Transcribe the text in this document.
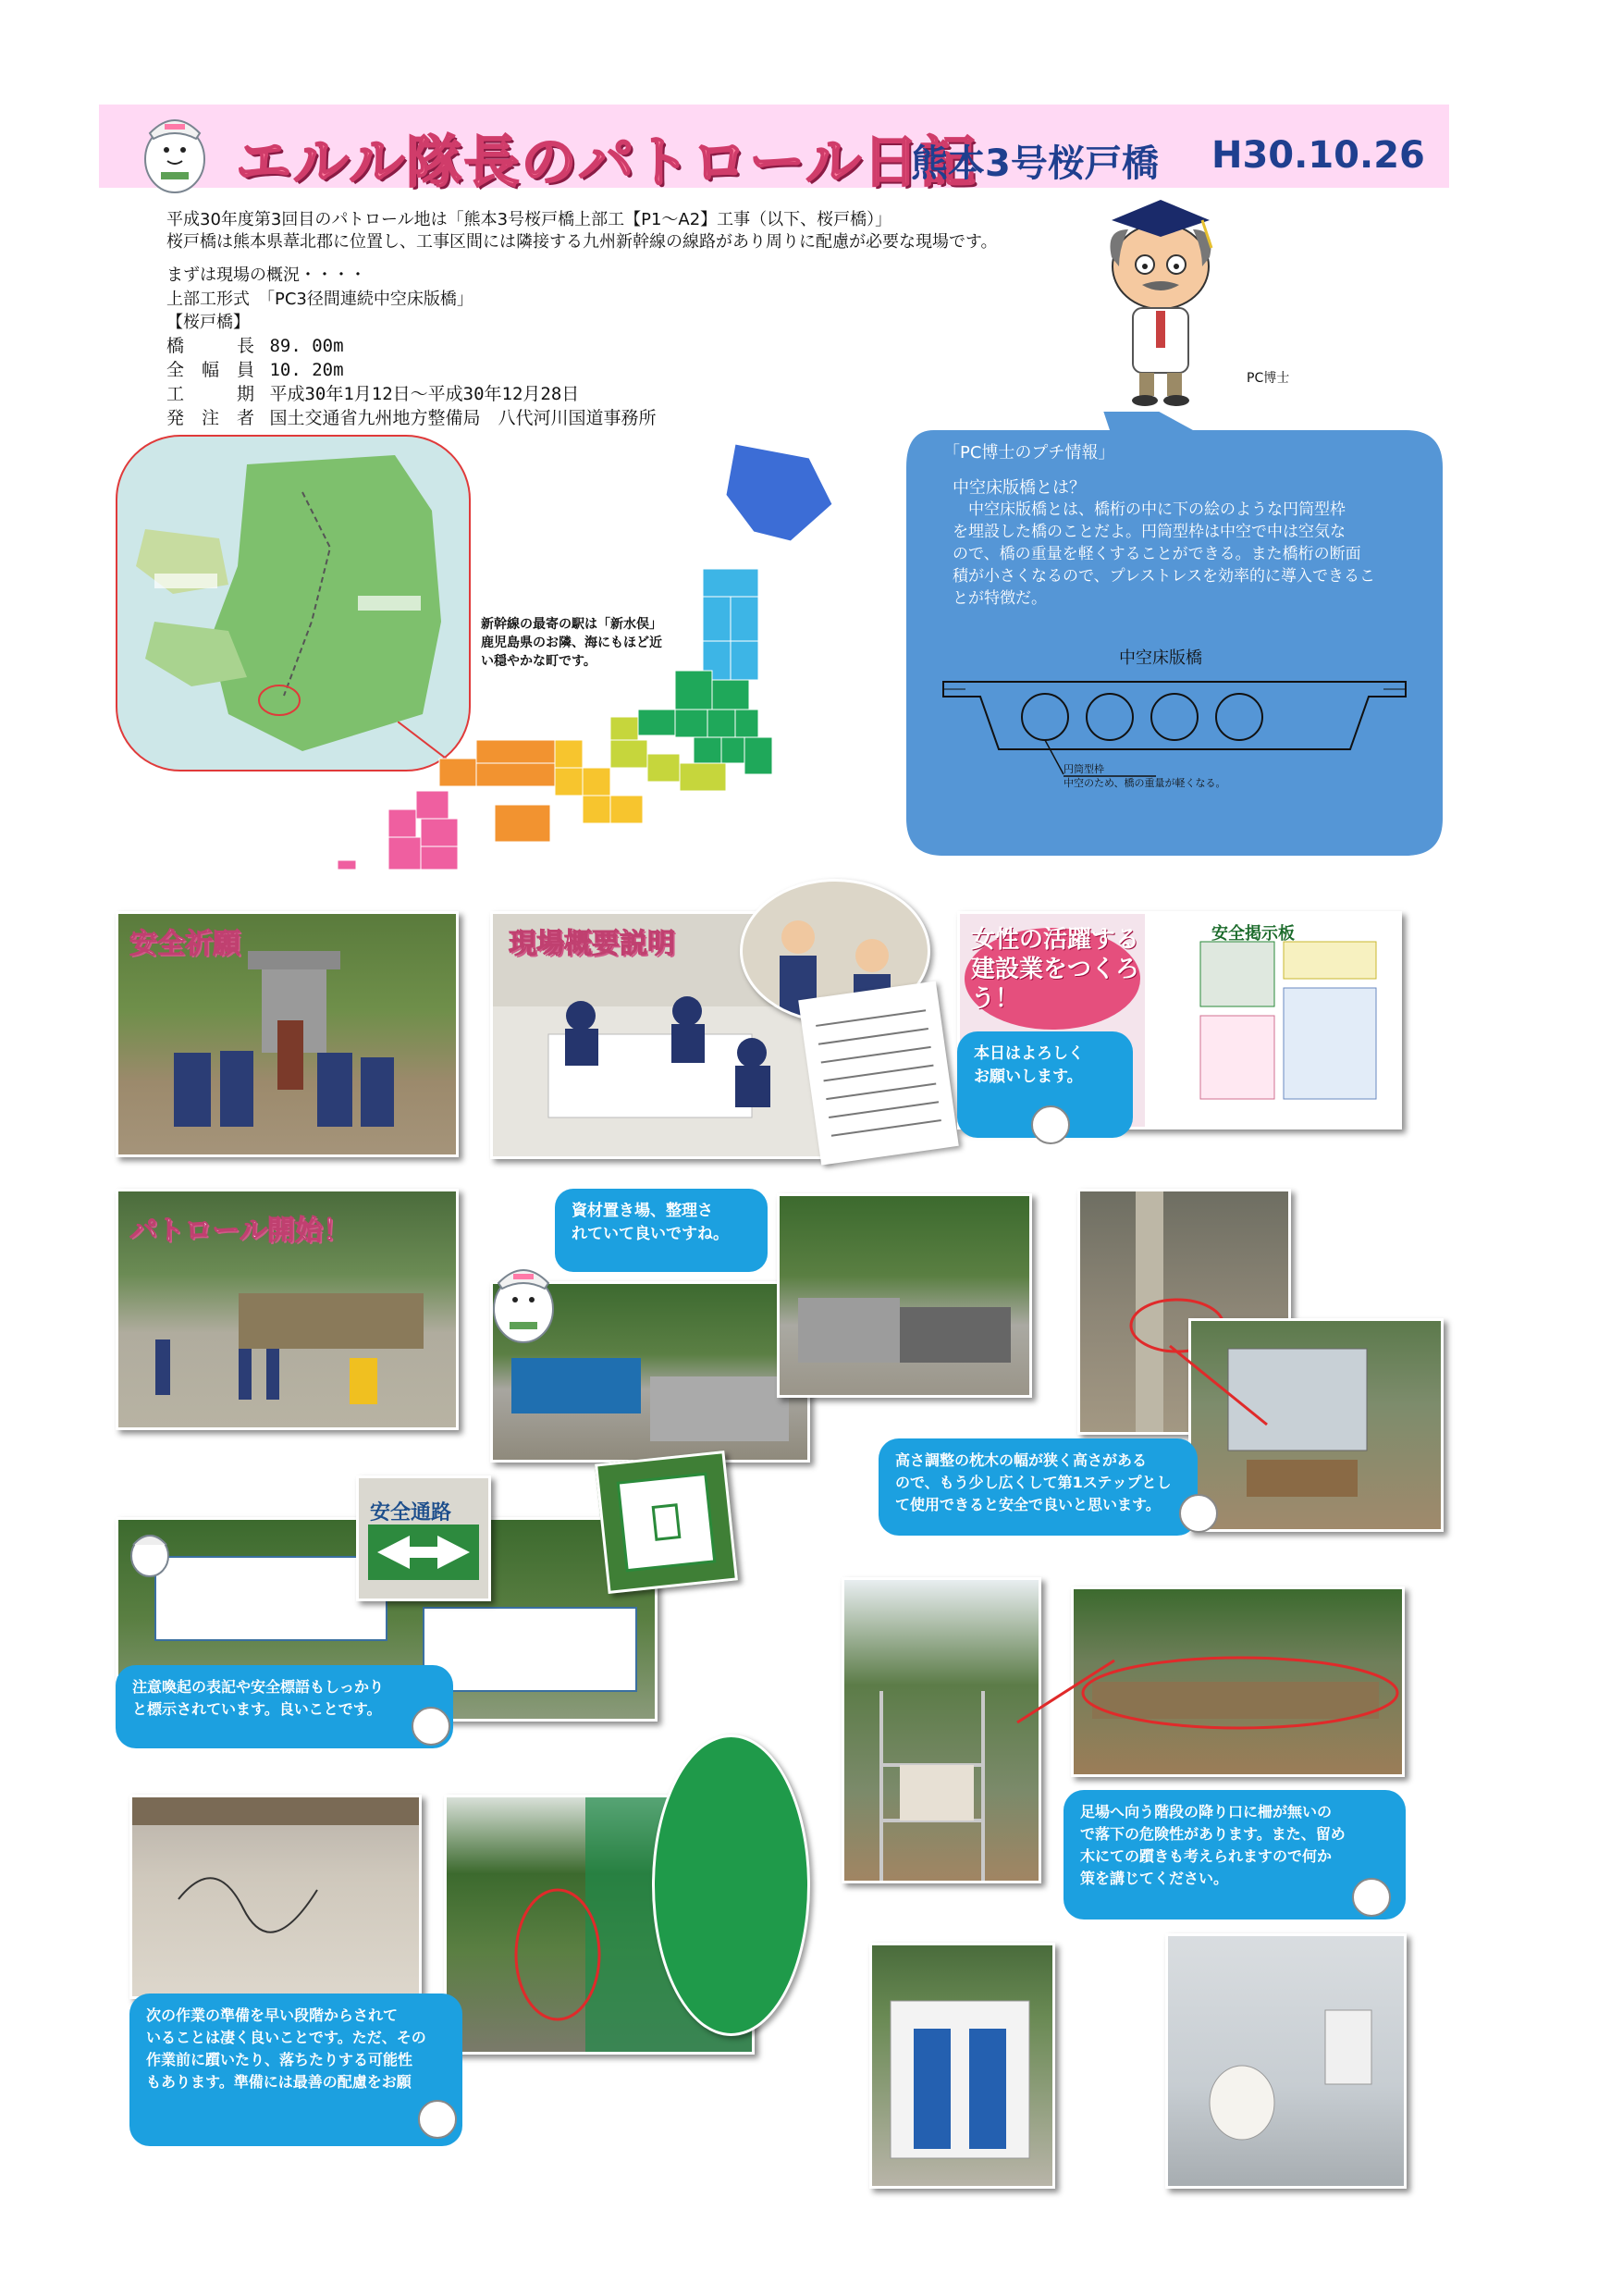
エルル隊長のパトロール日記
熊本3号桜戸橋 H30.10.26
平成30年度第3回目のパトロール地は「熊本3号桜戸橋上部工【P1～A2】工事（以下、桜戸橋）」
桜戸橋は熊本県葦北郡に位置し、工事区間には隣接する九州新幹線の線路があり周りに配慮が必要な現場です。
まずは現場の概況・・・・
上部工形式　「PC3径間連続中空床版橋」
【桜戸橋】
橋　　　長 89. 00m
全　幅　員 10. 20m
工　　　期 平成30年1月12日～平成30年12月28日
発　注　者 国土交通省九州地方整備局　八代河川国道事務所
PC博士
「PC博士のプチ情報」
中空床版橋とは？
　中空床版橋とは、橋桁の中に下の絵のような円筒型枠
を埋設した橋のことだよ。円筒型枠は中空で中は空気な
ので、橋の重量を軽くすることができる。また橋桁の断面
積が小さくなるので、プレストレスを効率的に導入できるこ
とが特徴だ。
中空床版橋
円筒型枠
中空のため、橋の重量が軽くなる。
新幹線の最寄の駅は「新水俣」
鹿児島県のお隣、海にもほど近
い穏やかな町です。
安全祈願	現場概要説明	女性の活躍する建設業をつくろう！
安全掲示板
本日はよろしく
お願いします。
パトロール開始！
資材置き場、整理さ
れていて良いですね。
高さ調整の枕木の幅が狭く高さがある
ので、もう少し広くして第1ステップとし
て使用できると安全で良いと思います。
安全通路
注意喚起の表記や安全標語もしっかり
と標示されています。良いことです。
足場へ向う階段の降り口に柵が無いの
で落下の危険性があります。また、留め
木にての躓きも考えられますので何か
策を講じてください。
次の作業の準備を早い段階からされて
いることは凄く良いことです。ただ、その
作業前に躓いたり、落ちたりする可能性
もあります。準備には最善の配慮をお願
